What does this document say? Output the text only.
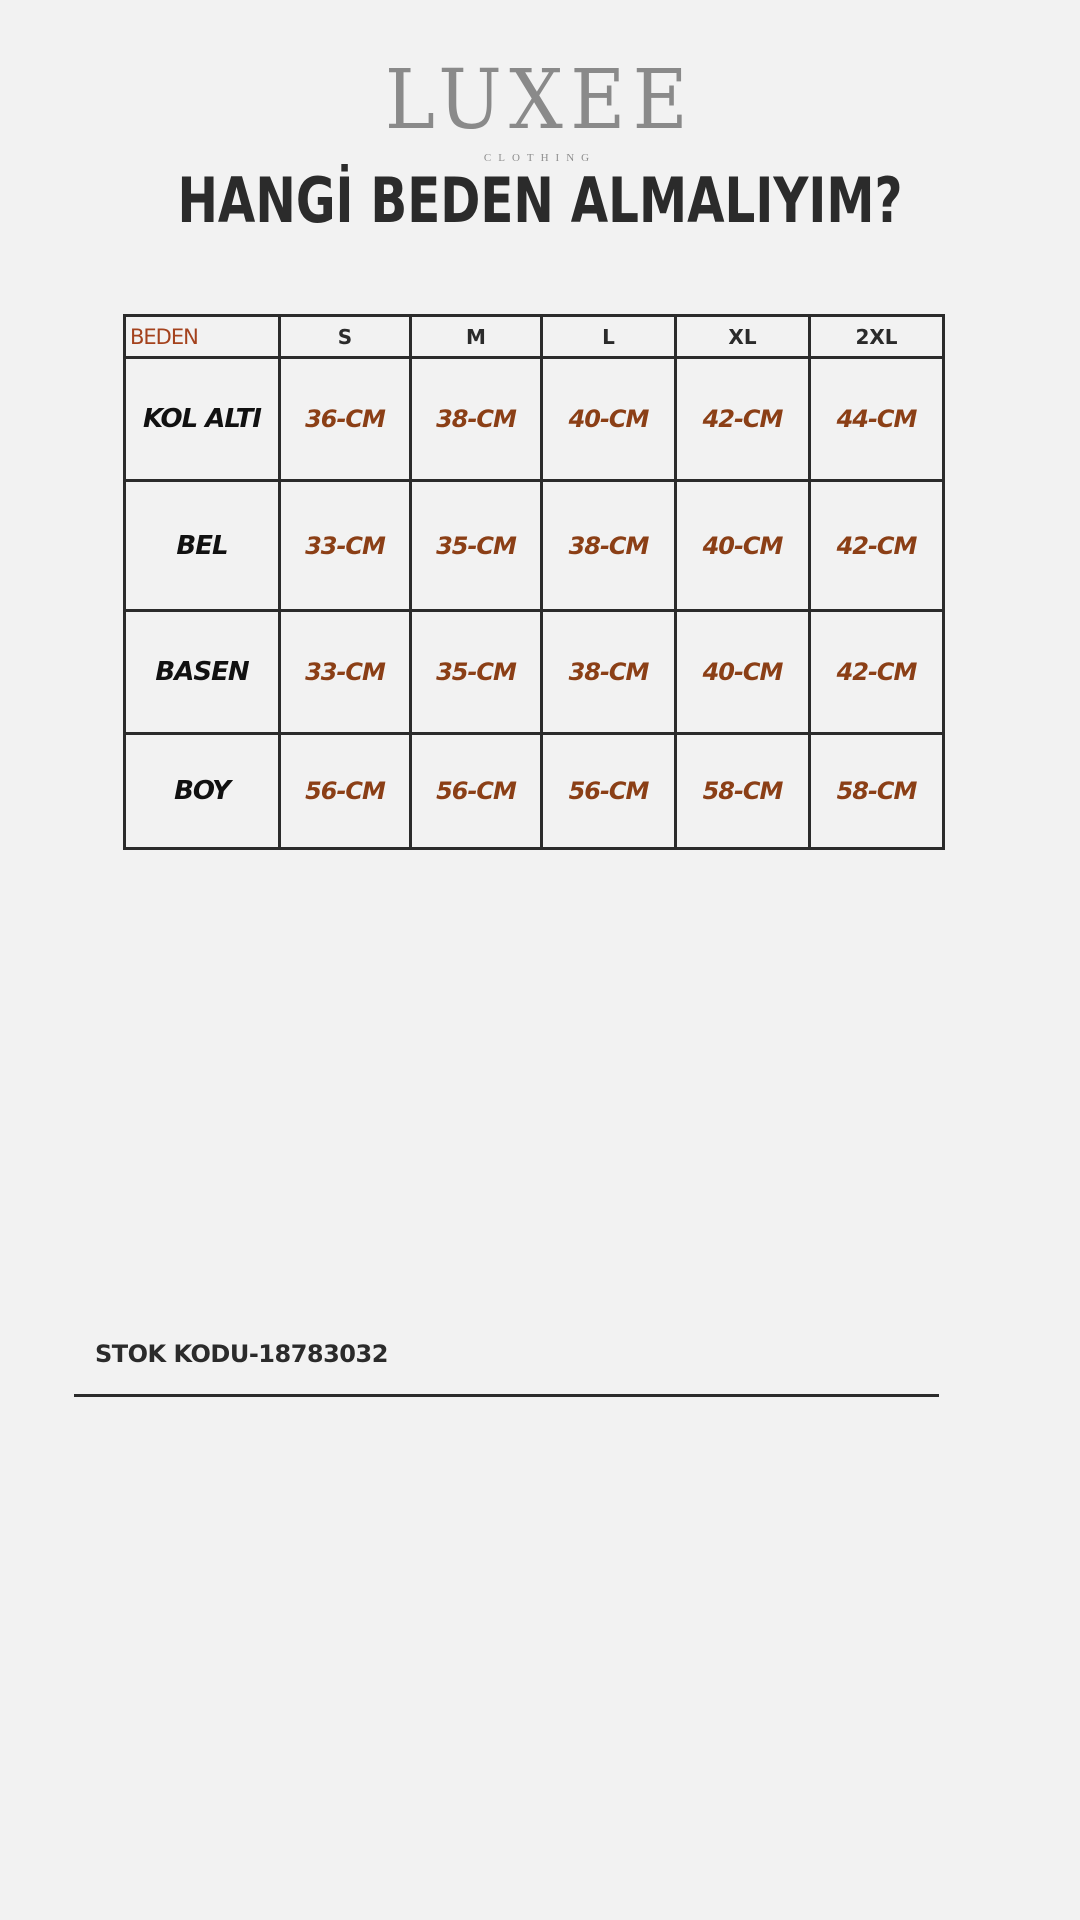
LUXEE
CLOTHING
HANGİ BEDEN ALMALIYIM?
BEDEN	S	M	L	XL	2XL
KOL ALTI	36-CM	38-CM	40-CM	42-CM	44-CM
BEL	33-CM	35-CM	38-CM	40-CM	42-CM
BASEN	33-CM	35-CM	38-CM	40-CM	42-CM
BOY	56-CM	56-CM	56-CM	58-CM	58-CM
STOK KODU-18783032
